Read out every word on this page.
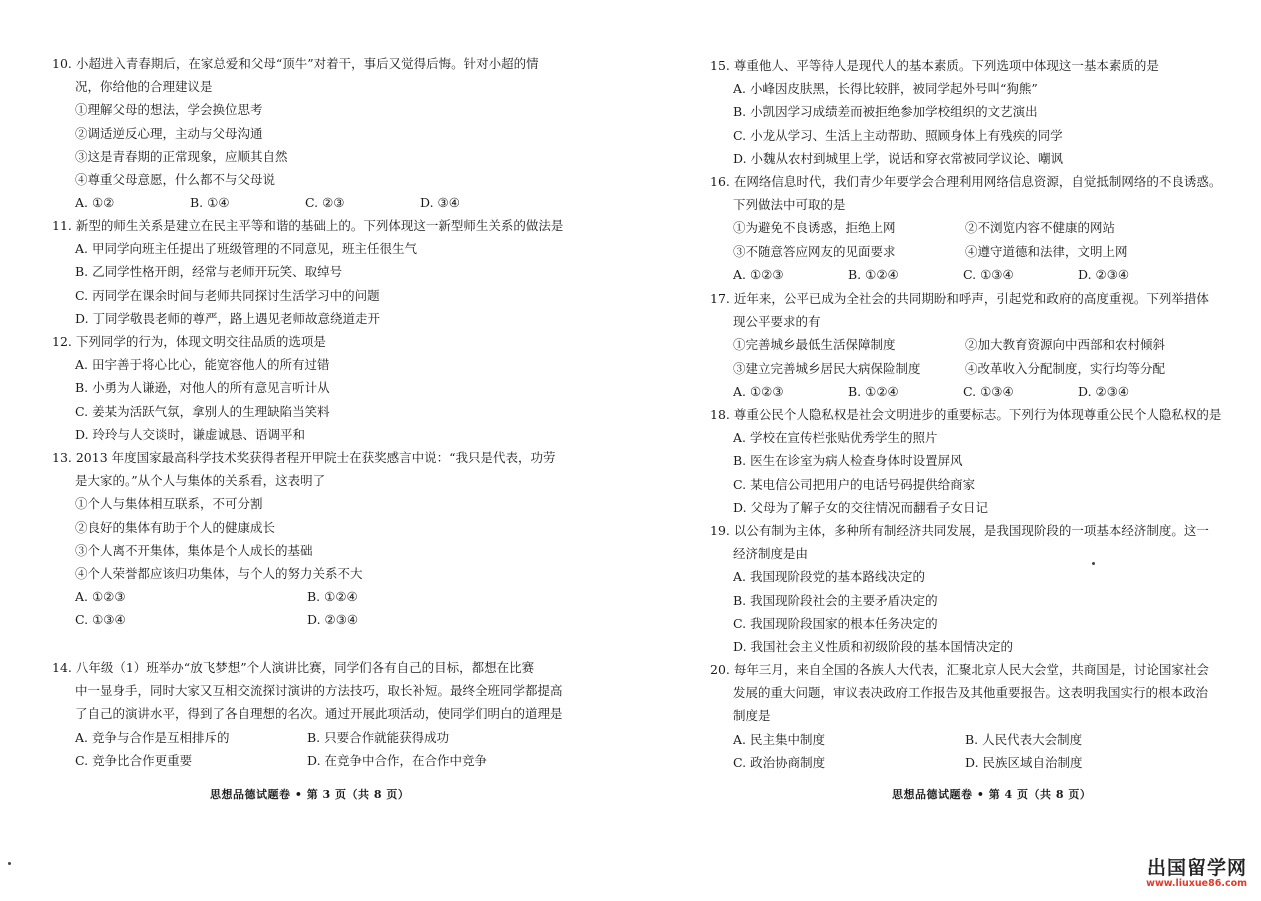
10. 小超进入青春期后，在家总爱和父母“顶牛”对着干，事后又觉得后悔。针对小超的情
况，你给他的合理建议是
①理解父母的想法，学会换位思考
②调适逆反心理，主动与父母沟通
③这是青春期的正常现象，应顺其自然
④尊重父母意愿，什么都不与父母说
A. ①②	B. ①④	C. ②③	D. ③④
11. 新型的师生关系是建立在民主平等和谐的基础上的。下列体现这一新型师生关系的做法是
A. 甲同学向班主任提出了班级管理的不同意见，班主任很生气
B. 乙同学性格开朗，经常与老师开玩笑、取绰号
C. 丙同学在课余时间与老师共同探讨生活学习中的问题
D. 丁同学敬畏老师的尊严，路上遇见老师故意绕道走开
12. 下列同学的行为，体现文明交往品质的选项是
A. 田宇善于将心比心，能宽容他人的所有过错
B. 小勇为人谦逊，对他人的所有意见言听计从
C. 姜某为活跃气氛，拿别人的生理缺陷当笑料
D. 玲玲与人交谈时，谦虚诚恳、语调平和
13. 2013 年度国家最高科学技术奖获得者程开甲院士在获奖感言中说：“我只是代表，功劳
是大家的。”从个人与集体的关系看，这表明了
①个人与集体相互联系，不可分割
②良好的集体有助于个人的健康成长
③个人离不开集体，集体是个人成长的基础
④个人荣誉都应该归功集体，与个人的努力关系不大
A. ①②③	B. ①②④
C. ①③④	D. ②③④
14. 八年级（1）班举办“放飞梦想”个人演讲比赛，同学们各有自己的目标，都想在比赛
中一显身手，同时大家又互相交流探讨演讲的方法技巧，取长补短。最终全班同学都提高
了自己的演讲水平，得到了各自理想的名次。通过开展此项活动，使同学们明白的道理是
A. 竞争与合作是互相排斥的	B. 只要合作就能获得成功
C. 竞争比合作更重要	D. 在竞争中合作，在合作中竞争
思想品德试题卷 • 第 3 页（共 8 页）
15. 尊重他人、平等待人是现代人的基本素质。下列选项中体现这一基本素质的是
A. 小峰因皮肤黑，长得比较胖，被同学起外号叫“狗熊”
B. 小凯因学习成绩差而被拒绝参加学校组织的文艺演出
C. 小龙从学习、生活上主动帮助、照顾身体上有残疾的同学
D. 小魏从农村到城里上学，说话和穿衣常被同学议论、嘲讽
16. 在网络信息时代，我们青少年要学会合理利用网络信息资源，自觉抵制网络的不良诱惑。
下列做法中可取的是
①为避免不良诱惑，拒绝上网	②不浏览内容不健康的网站
③不随意答应网友的见面要求	④遵守道德和法律，文明上网
A. ①②③	B. ①②④	C. ①③④	D. ②③④
17. 近年来，公平已成为全社会的共同期盼和呼声，引起党和政府的高度重视。下列举措体
现公平要求的有
①完善城乡最低生活保障制度	②加大教育资源向中西部和农村倾斜
③建立完善城乡居民大病保险制度	④改革收入分配制度，实行均等分配
A. ①②③	B. ①②④	C. ①③④	D. ②③④
18. 尊重公民个人隐私权是社会文明进步的重要标志。下列行为体现尊重公民个人隐私权的是
A. 学校在宣传栏张贴优秀学生的照片
B. 医生在诊室为病人检查身体时设置屏风
C. 某电信公司把用户的电话号码提供给商家
D. 父母为了解子女的交往情况而翻看子女日记
19. 以公有制为主体，多种所有制经济共同发展，是我国现阶段的一项基本经济制度。这一
经济制度是由
A. 我国现阶段党的基本路线决定的
B. 我国现阶段社会的主要矛盾决定的
C. 我国现阶段国家的根本任务决定的
D. 我国社会主义性质和初级阶段的基本国情决定的
20. 每年三月，来自全国的各族人大代表，汇聚北京人民大会堂，共商国是，讨论国家社会
发展的重大问题，审议表决政府工作报告及其他重要报告。这表明我国实行的根本政治
制度是
A. 民主集中制度	B. 人民代表大会制度
C. 政治协商制度	D. 民族区域自治制度
思想品德试题卷 • 第 4 页（共 8 页）
出国留学网
www.liuxue86.com
